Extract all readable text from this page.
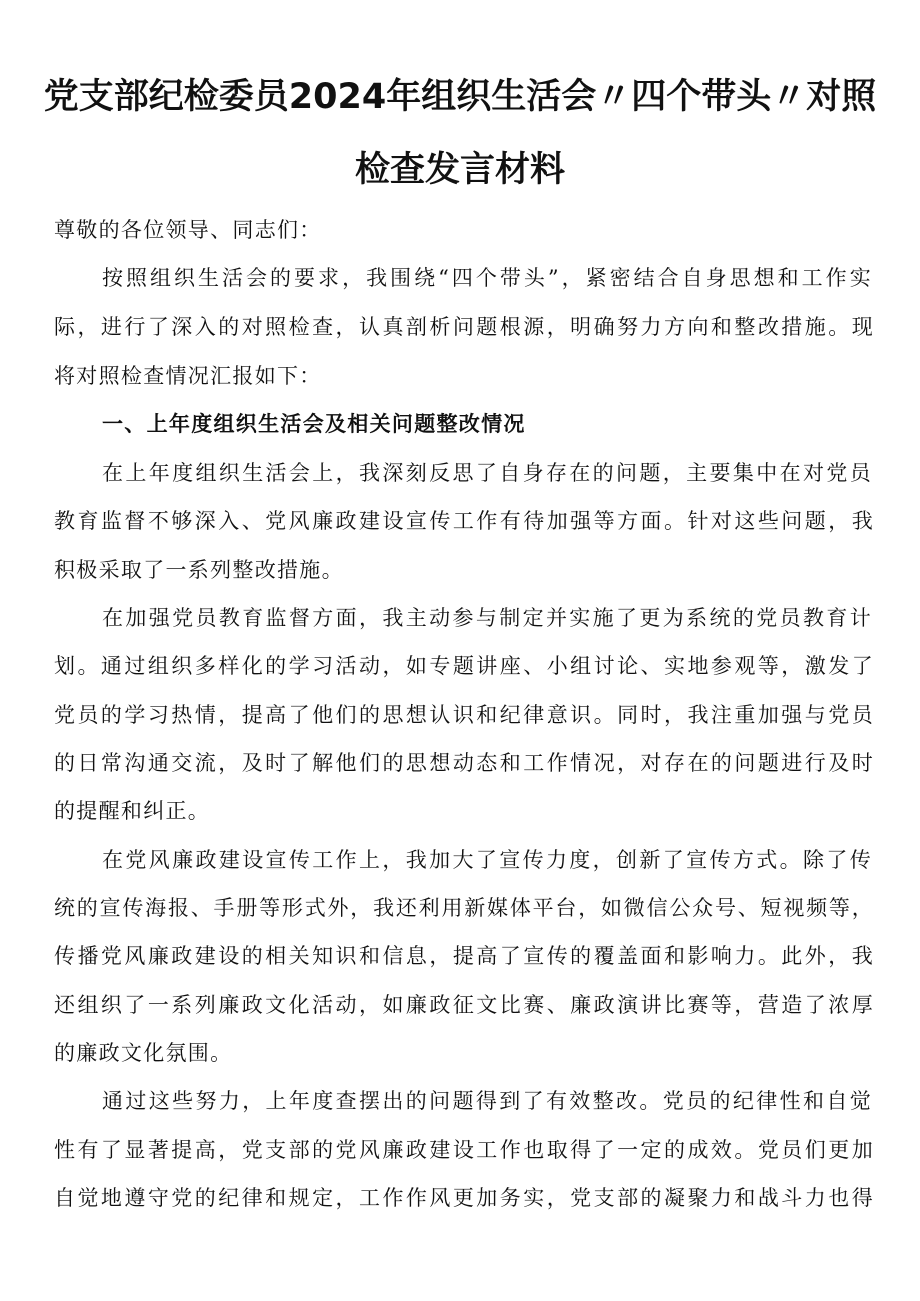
党支部纪检委员2024年组织生活会〃四个带头〃对照
检查发言材料

尊敬的各位领导、同志们：

按照组织生活会的要求，我围绕“四个带头”，紧密结合自身思想和工作实

际，进行了深入的对照检查，认真剖析问题根源，明确努力方向和整改措施。现

将对照检查情况汇报如下：

一、上年度组织生活会及相关问题整改情况

在上年度组织生活会上，我深刻反思了自身存在的问题，主要集中在对党员

教育监督不够深入、党风廉政建设宣传工作有待加强等方面。针对这些问题，我

积极采取了一系列整改措施。

在加强党员教育监督方面，我主动参与制定并实施了更为系统的党员教育计

划。通过组织多样化的学习活动，如专题讲座、小组讨论、实地参观等，激发了

党员的学习热情，提高了他们的思想认识和纪律意识。同时，我注重加强与党员

的日常沟通交流，及时了解他们的思想动态和工作情况，对存在的问题进行及时

的提醒和纠正。

在党风廉政建设宣传工作上，我加大了宣传力度，创新了宣传方式。除了传

统的宣传海报、手册等形式外，我还利用新媒体平台，如微信公众号、短视频等，

传播党风廉政建设的相关知识和信息，提高了宣传的覆盖面和影响力。此外，我

还组织了一系列廉政文化活动，如廉政征文比赛、廉政演讲比赛等，营造了浓厚

的廉政文化氛围。

通过这些努力，上年度查摆出的问题得到了有效整改。党员的纪律性和自觉

性有了显著提高，党支部的党风廉政建设工作也取得了一定的成效。党员们更加

自觉地遵守党的纪律和规定，工作作风更加务实，党支部的凝聚力和战斗力也得
